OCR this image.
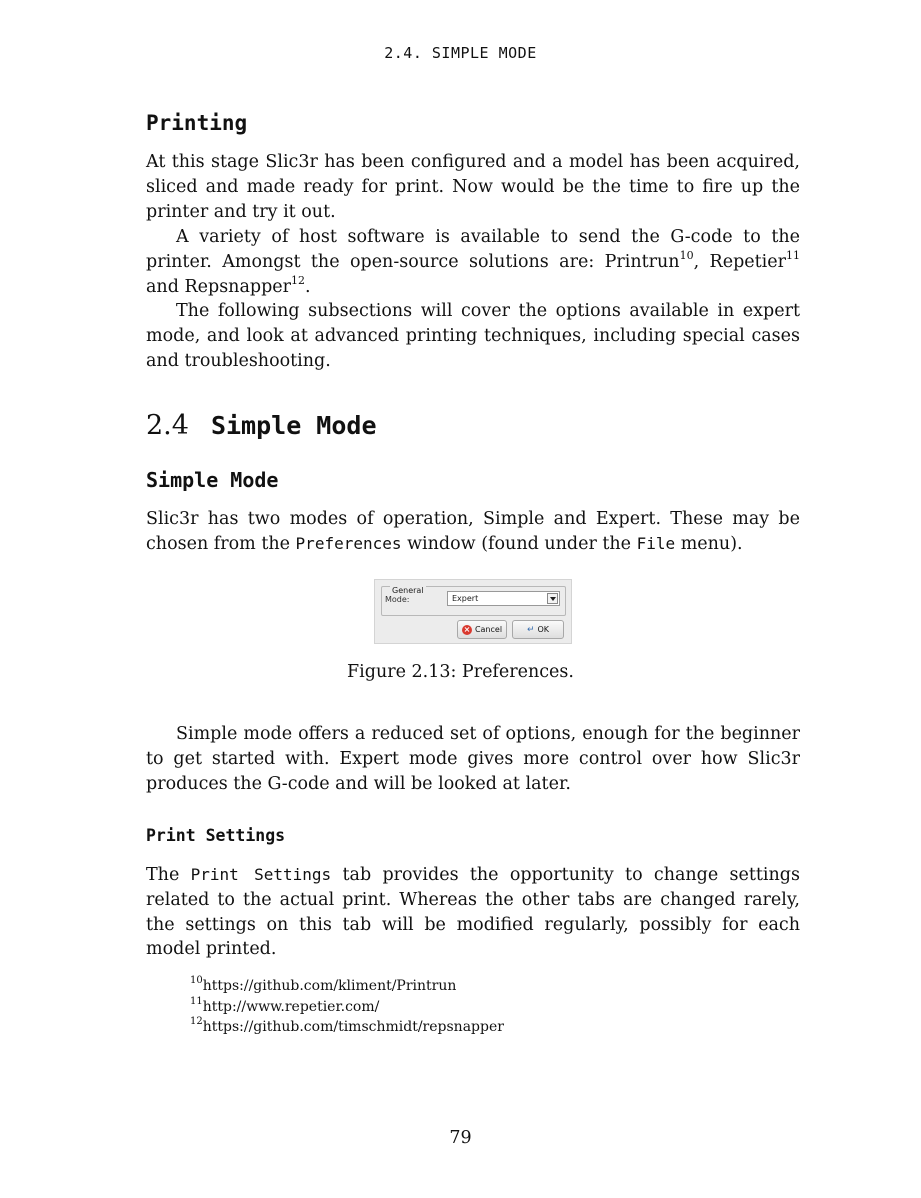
2.4. SIMPLE MODE
Printing

At this stage Slic3r has been configured and a model has been acquired, sliced and made ready for print. Now would be the time to fire up the printer and try it out.

A variety of host software is available to send the G-code to the printer. Amongst the open-source solutions are: Printrun$^{10}$, Repetier$^{11}$ and Repsnapper$^{12}$.

The following subsections will cover the options available in expert mode, and look at advanced printing techniques, including special cases and troubleshooting.

2.4 Simple Mode
Simple Mode

Slic3r has two modes of operation, Simple and Expert. These may be chosen from the Preferences window (found under the File menu).

General
Mode:	Expert
× Cancel	↵ OK
Figure 2.13: Preferences.

Simple mode offers a reduced set of options, enough for the beginner to get started with. Expert mode gives more control over how Slic3r produces the G-code and will be looked at later.

Print Settings

The Print Settings tab provides the opportunity to change settings related to the actual print. Whereas the other tabs are changed rarely, the settings on this tab will be modified regularly, possibly for each model printed.

$^{10}$https://github.com/kliment/Printrun
$^{11}$http://www.repetier.com/
$^{12}$https://github.com/timschmidt/repsnapper
79
